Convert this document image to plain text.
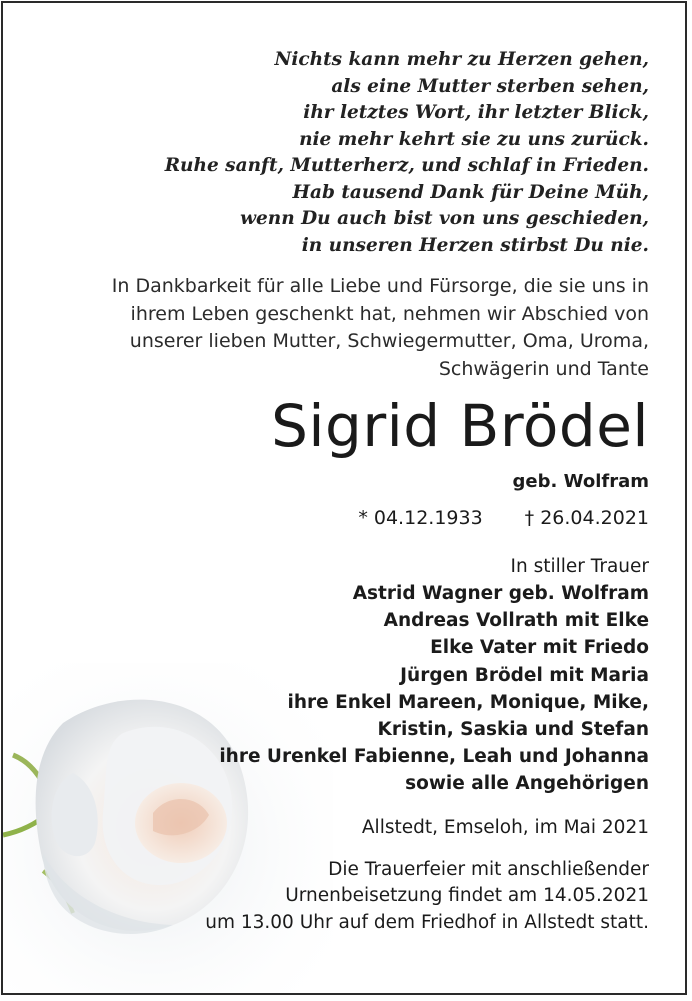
Nichts kann mehr zu Herzen gehen,
als eine Mutter sterben sehen,
ihr letztes Wort, ihr letzter Blick,
nie mehr kehrt sie zu uns zurück.
Ruhe sanft, Mutterherz, und schlaf in Frieden.
Hab tausend Dank für Deine Müh,
wenn Du auch bist von uns geschieden,
in unseren Herzen stirbst Du nie.
In Dankbarkeit für alle Liebe und Fürsorge, die sie uns in
ihrem Leben geschenkt hat, nehmen wir Abschied von
unserer lieben Mutter, Schwiegermutter, Oma, Uroma,
Schwägerin und Tante
Sigrid Brödel
geb. Wolfram
* 04.12.1933 † 26.04.2021
In stiller Trauer
Astrid Wagner geb. Wolfram
Andreas Vollrath mit Elke
Elke Vater mit Friedo
Jürgen Brödel mit Maria
ihre Enkel Mareen, Monique, Mike,
Kristin, Saskia und Stefan
ihre Urenkel Fabienne, Leah und Johanna
sowie alle Angehörigen
Allstedt, Emseloh, im Mai 2021
Die Trauerfeier mit anschließender
Urnenbeisetzung findet am 14.05.2021
um 13.00 Uhr auf dem Friedhof in Allstedt statt.
